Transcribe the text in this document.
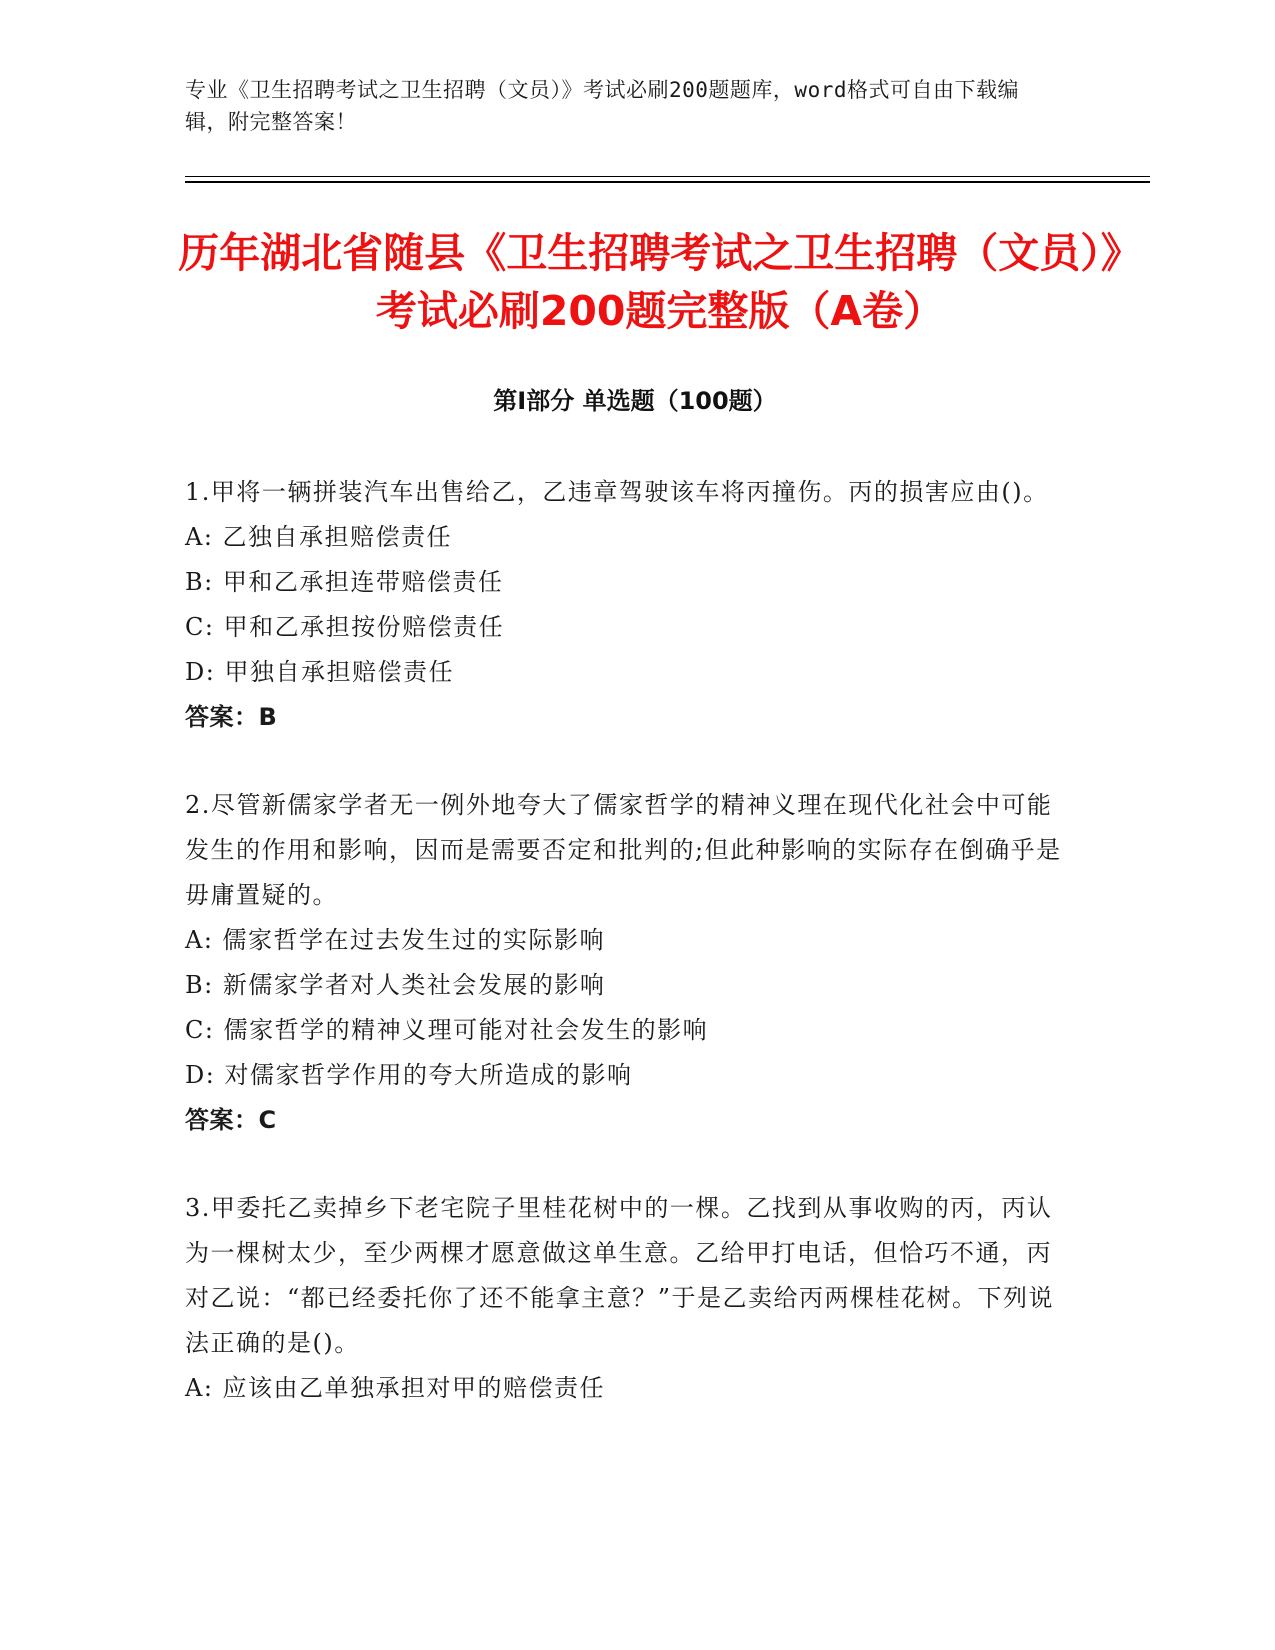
专业《卫生招聘考试之卫生招聘（文员）》考试必刷200题题库，word格式可自由下载编辑，附完整答案！
历年湖北省随县《卫生招聘考试之卫生招聘（文员）》考试必刷200题完整版（A卷）
第I部分 单选题（100题）

1.甲将一辆拼装汽车出售给乙，乙违章驾驶该车将丙撞伤。丙的损害应由()。

A: 乙独自承担赔偿责任

B: 甲和乙承担连带赔偿责任

C: 甲和乙承担按份赔偿责任

D: 甲独自承担赔偿责任

答案：B

2.尽管新儒家学者无一例外地夸大了儒家哲学的精神义理在现代化社会中可能发生的作用和影响，因而是需要否定和批判的;但此种影响的实际存在倒确乎是毋庸置疑的。

A: 儒家哲学在过去发生过的实际影响

B: 新儒家学者对人类社会发展的影响

C: 儒家哲学的精神义理可能对社会发生的影响

D: 对儒家哲学作用的夸大所造成的影响

答案：C

3.甲委托乙卖掉乡下老宅院子里桂花树中的一棵。乙找到从事收购的丙，丙认为一棵树太少，至少两棵才愿意做这单生意。乙给甲打电话，但恰巧不通，丙对乙说：“都已经委托你了还不能拿主意？”于是乙卖给丙两棵桂花树。下列说法正确的是()。

A: 应该由乙单独承担对甲的赔偿责任
